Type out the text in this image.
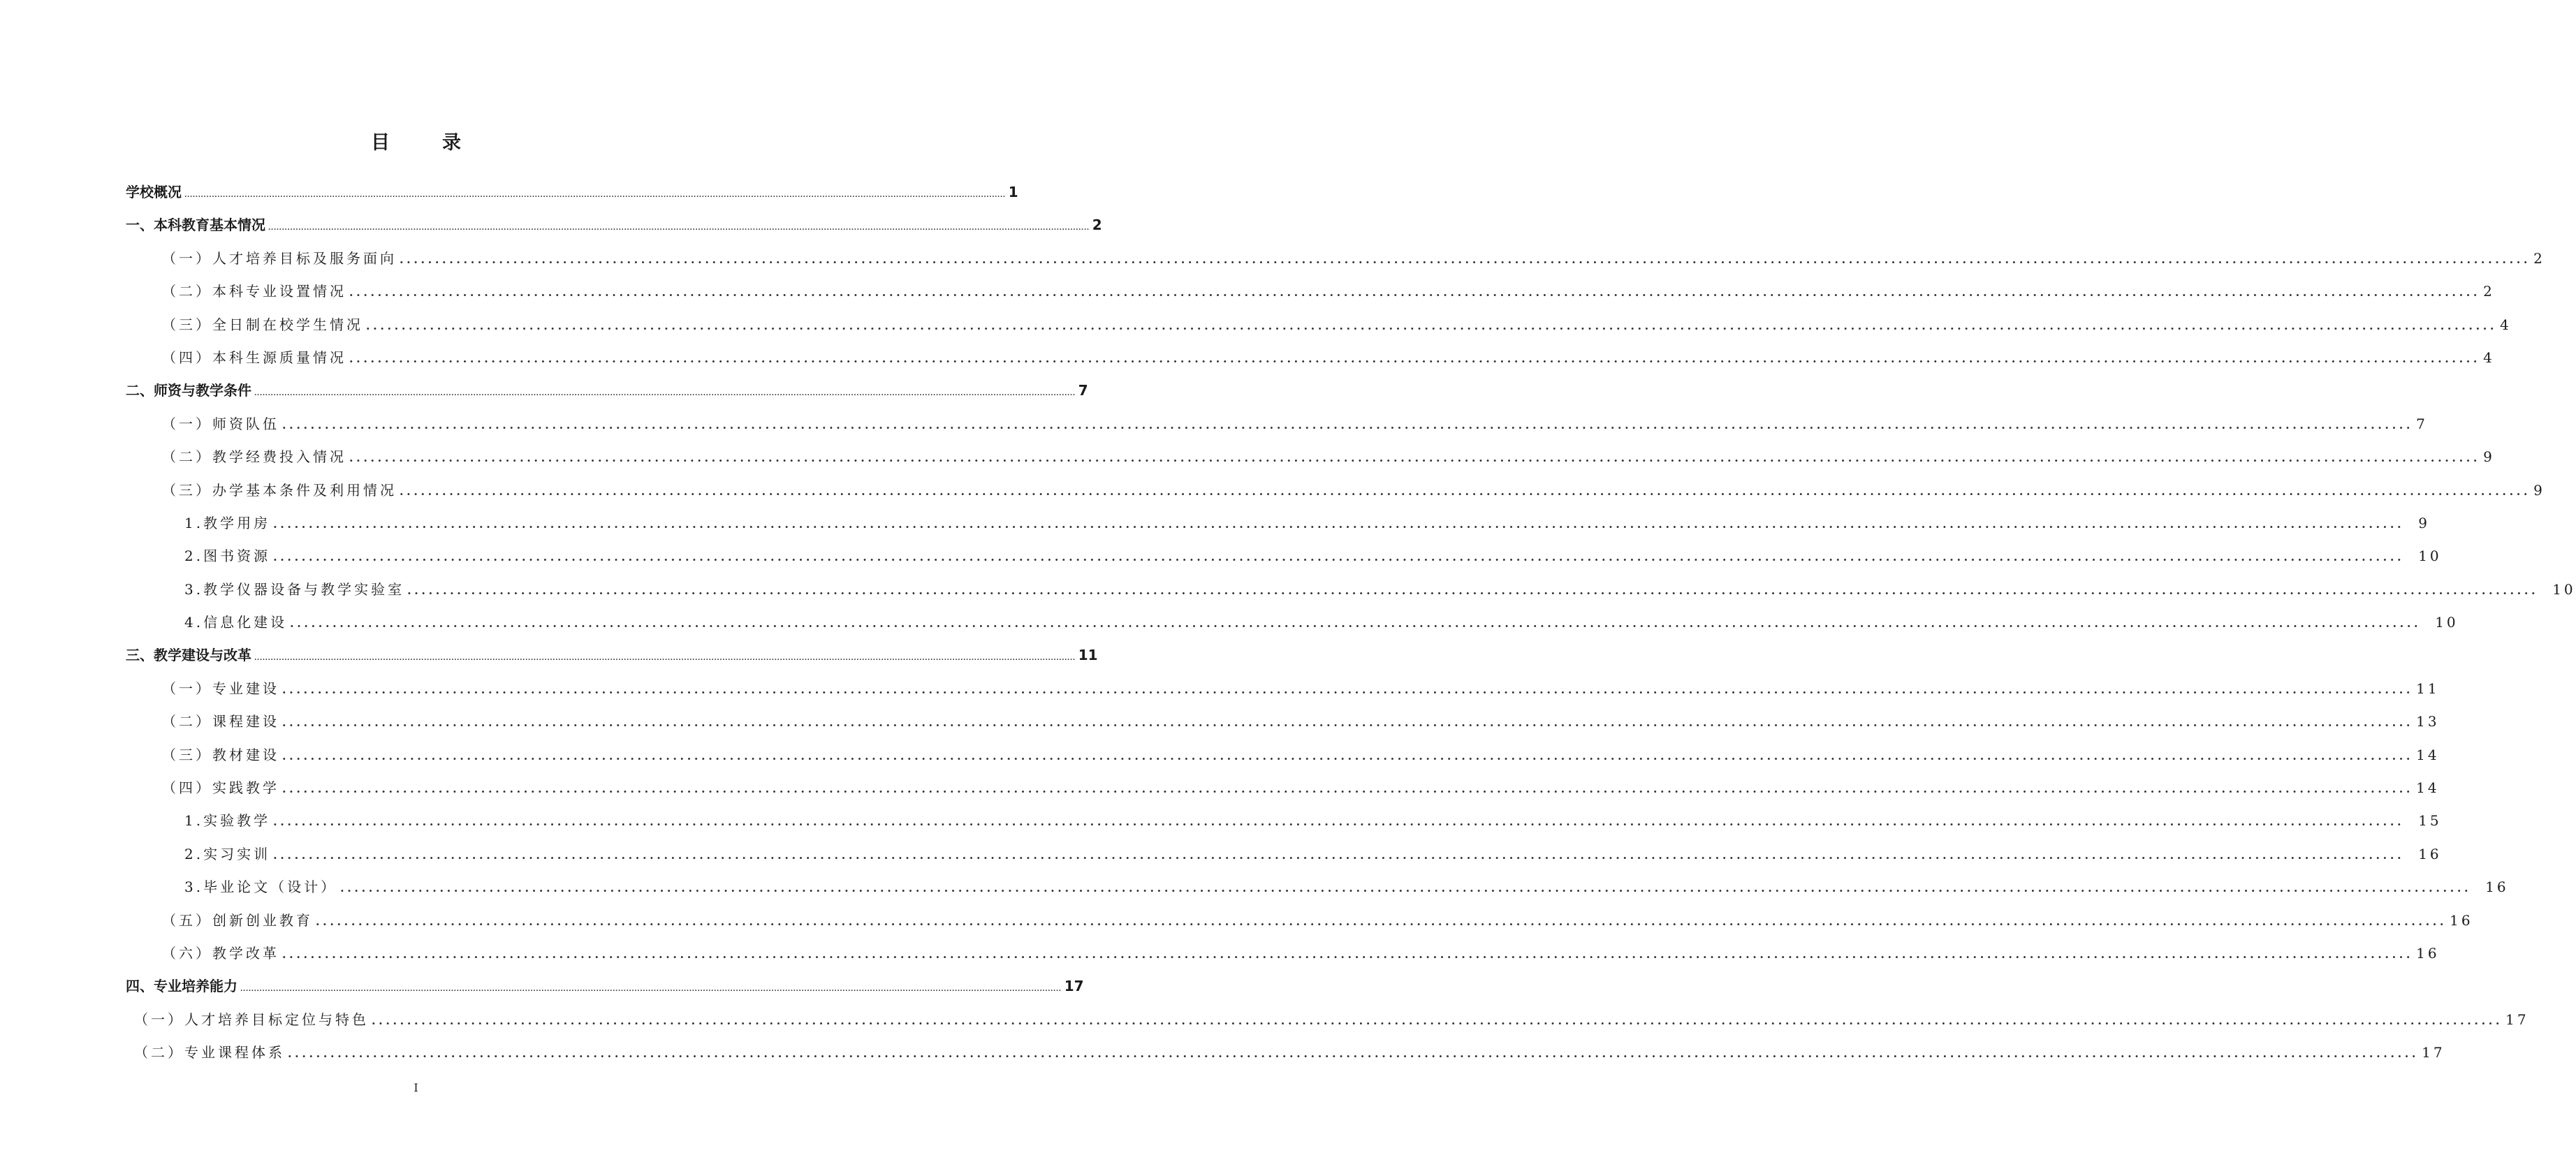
目　录
学校概况 ............................................................................................................................................................................................................................................................................................................ 1
一、本科教育基本情况 ............................................................................................................................................................................................................................................................................................................ 2
（一）人才培养目标及服务面向 ............................................................................................................................................................................................................................................................................................................ 2
（二）本科专业设置情况 ............................................................................................................................................................................................................................................................................................................ 2
（三）全日制在校学生情况 ............................................................................................................................................................................................................................................................................................................ 4
（四）本科生源质量情况 ............................................................................................................................................................................................................................................................................................................ 4
二、师资与教学条件 ............................................................................................................................................................................................................................................................................................................ 7
（一）师资队伍 ............................................................................................................................................................................................................................................................................................................ 7
（二）教学经费投入情况 ............................................................................................................................................................................................................................................................................................................ 9
（三）办学基本条件及利用情况 ............................................................................................................................................................................................................................................................................................................ 9
1.教学用房 ............................................................................................................................................................................................................................................................................................................ 9
2.图书资源 ............................................................................................................................................................................................................................................................................................................ 10
3.教学仪器设备与教学实验室 ............................................................................................................................................................................................................................................................................................................ 10
4.信息化建设 ............................................................................................................................................................................................................................................................................................................ 10
三、教学建设与改革 ............................................................................................................................................................................................................................................................................................................ 11
（一）专业建设 ............................................................................................................................................................................................................................................................................................................ 11
（二）课程建设 ............................................................................................................................................................................................................................................................................................................ 13
（三）教材建设 ............................................................................................................................................................................................................................................................................................................ 14
（四）实践教学 ............................................................................................................................................................................................................................................................................................................ 14
1.实验教学 ............................................................................................................................................................................................................................................................................................................ 15
2.实习实训 ............................................................................................................................................................................................................................................................................................................ 16
3.毕业论文（设计） ............................................................................................................................................................................................................................................................................................................ 16
（五）创新创业教育 ............................................................................................................................................................................................................................................................................................................ 16
（六）教学改革 ............................................................................................................................................................................................................................................................................................................ 16
四、专业培养能力 ............................................................................................................................................................................................................................................................................................................ 17
（一）人才培养目标定位与特色 ............................................................................................................................................................................................................................................................................................................ 17
（二）专业课程体系 ............................................................................................................................................................................................................................................................................................................ 17
I
